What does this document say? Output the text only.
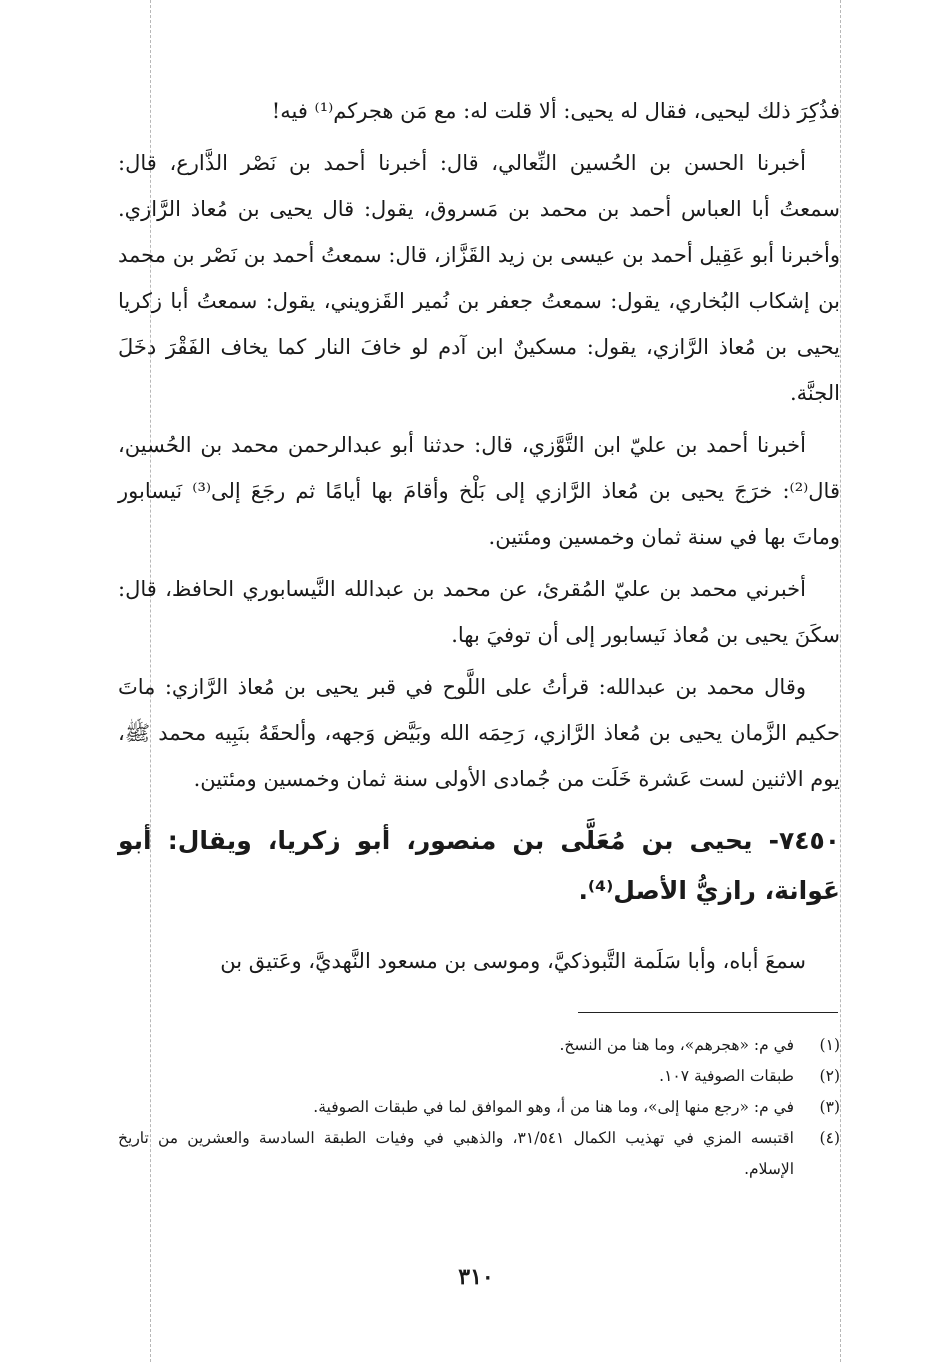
فذُكِرَ ذلك ليحيى، فقال له يحيى: ألا قلت له: مع مَن هجركم⁽¹⁾ فيه!

أخبرنا الحسن بن الحُسين النِّعالي، قال: أخبرنا أحمد بن نَصْر الذَّارع، قال: سمعتُ أبا العباس أحمد بن محمد بن مَسروق، يقول: قال يحيى بن مُعاذ الرَّازي. وأخبرنا أبو عَقِيل أحمد بن عيسى بن زيد القَزَّاز، قال: سمعتُ أحمد بن نَصْر بن محمد بن إشكاب البُخاري، يقول: سمعتُ جعفر بن نُمير القَزويني، يقول: سمعتُ أبا زكريا يحيى بن مُعاذ الرَّازي، يقول: مسكينٌ ابن آدم لو خافَ النار كما يخاف الفَقْرَ دخَلَ الجنَّة.

أخبرنا أحمد بن عليّ ابن التَّوَّزي، قال: حدثنا أبو عبدالرحمن محمد بن الحُسين، قال⁽²⁾: خرَجَ يحيى بن مُعاذ الرَّازي إلى بَلْخ وأقامَ بها أيامًا ثم رجَعَ إلى⁽³⁾ نَيسابور وماتَ بها في سنة ثمان وخمسين ومئتين.

أخبرني محمد بن عليّ المُقرئ، عن محمد بن عبدالله النَّيسابوري الحافظ، قال: سكَنَ يحيى بن مُعاذ نَيسابور إلى أن توفيَ بها.

وقال محمد بن عبدالله: قرأتُ على اللَّوح في قبر يحيى بن مُعاذ الرَّازي: ماتَ حكيم الزَّمان يحيى بن مُعاذ الرَّازي، رَحِمَه الله وبَيَّض وَجهه، وألحقَهُ بنَبِيه محمد ﷺ، يوم الاثنين لست عَشرة خَلَت من جُمادى الأولى سنة ثمان وخمسين ومئتين.

٧٤٥٠- يحيى بن مُعَلَّى بن منصور، أبو زكريا، ويقال: أبو عَوانة، رازيُّ الأصل⁽⁴⁾.

سمعَ أباه، وأبا سَلَمة التَّبوذكيَّ، وموسى بن مسعود النَّهديَّ، وعَتيق بن

(١)
في م: «هجرهم»، وما هنا من النسخ.
(٢)
طبقات الصوفية ١٠٧.
(٣)
في م: «رجع منها إلى»، وما هنا من أ، وهو الموافق لما في طبقات الصوفية.
(٤)
اقتبسه المزي في تهذيب الكمال ٣١/٥٤١، والذهبي في وفيات الطبقة السادسة والعشرين من تاريخ الإسلام.
٣١٠
